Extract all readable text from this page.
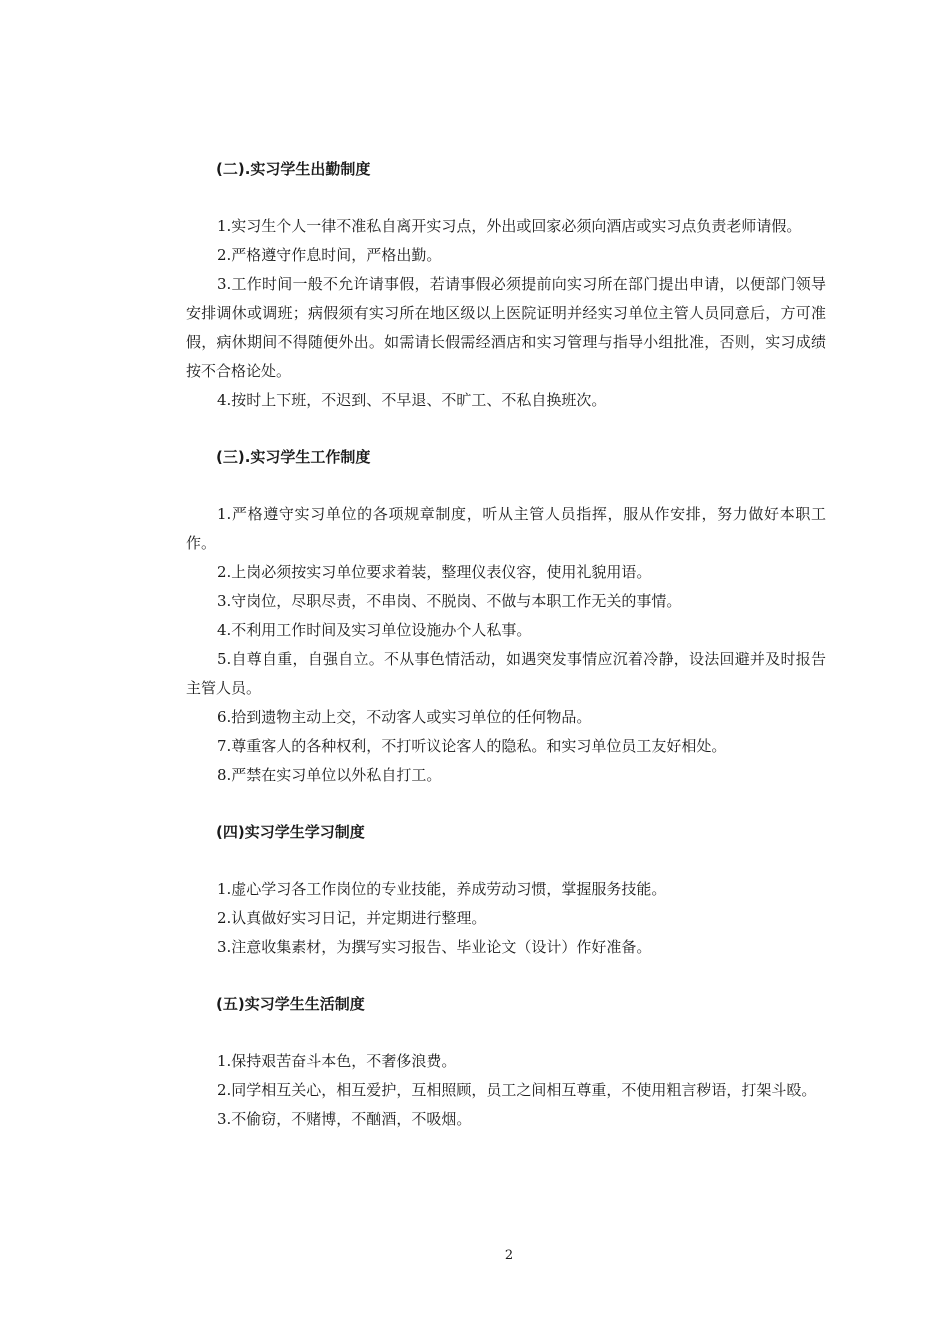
(二).实习学生出勤制度

1.实习生个人一律不准私自离开实习点，外出或回家必须向酒店或实习点负责老师请假。

2.严格遵守作息时间，严格出勤。

3.工作时间一般不允许请事假，若请事假必须提前向实习所在部门提出申请，以便部门领导安排调休或调班；病假须有实习所在地区级以上医院证明并经实习单位主管人员同意后，方可准假，病休期间不得随便外出。如需请长假需经酒店和实习管理与指导小组批准，否则，实习成绩按不合格论处。

4.按时上下班，不迟到、不早退、不旷工、不私自换班次。

(三).实习学生工作制度

1.严格遵守实习单位的各项规章制度，听从主管人员指挥，服从作安排，努力做好本职工作。

2.上岗必须按实习单位要求着装，整理仪表仪容，使用礼貌用语。

3.守岗位，尽职尽责，不串岗、不脱岗、不做与本职工作无关的事情。

4.不利用工作时间及实习单位设施办个人私事。

5.自尊自重，自强自立。不从事色情活动，如遇突发事情应沉着冷静，设法回避并及时报告主管人员。

6.拾到遗物主动上交，不动客人或实习单位的任何物品。

7.尊重客人的各种权利，不打听议论客人的隐私。和实习单位员工友好相处。

8.严禁在实习单位以外私自打工。

(四)实习学生学习制度

1.虚心学习各工作岗位的专业技能，养成劳动习惯，掌握服务技能。

2.认真做好实习日记，并定期进行整理。

3.注意收集素材，为撰写实习报告、毕业论文（设计）作好准备。

(五)实习学生生活制度

1.保持艰苦奋斗本色，不奢侈浪费。

2.同学相互关心，相互爱护，互相照顾，员工之间相互尊重，不使用粗言秽语，打架斗殴。

3.不偷窃，不赌博，不酗酒，不吸烟。

2
